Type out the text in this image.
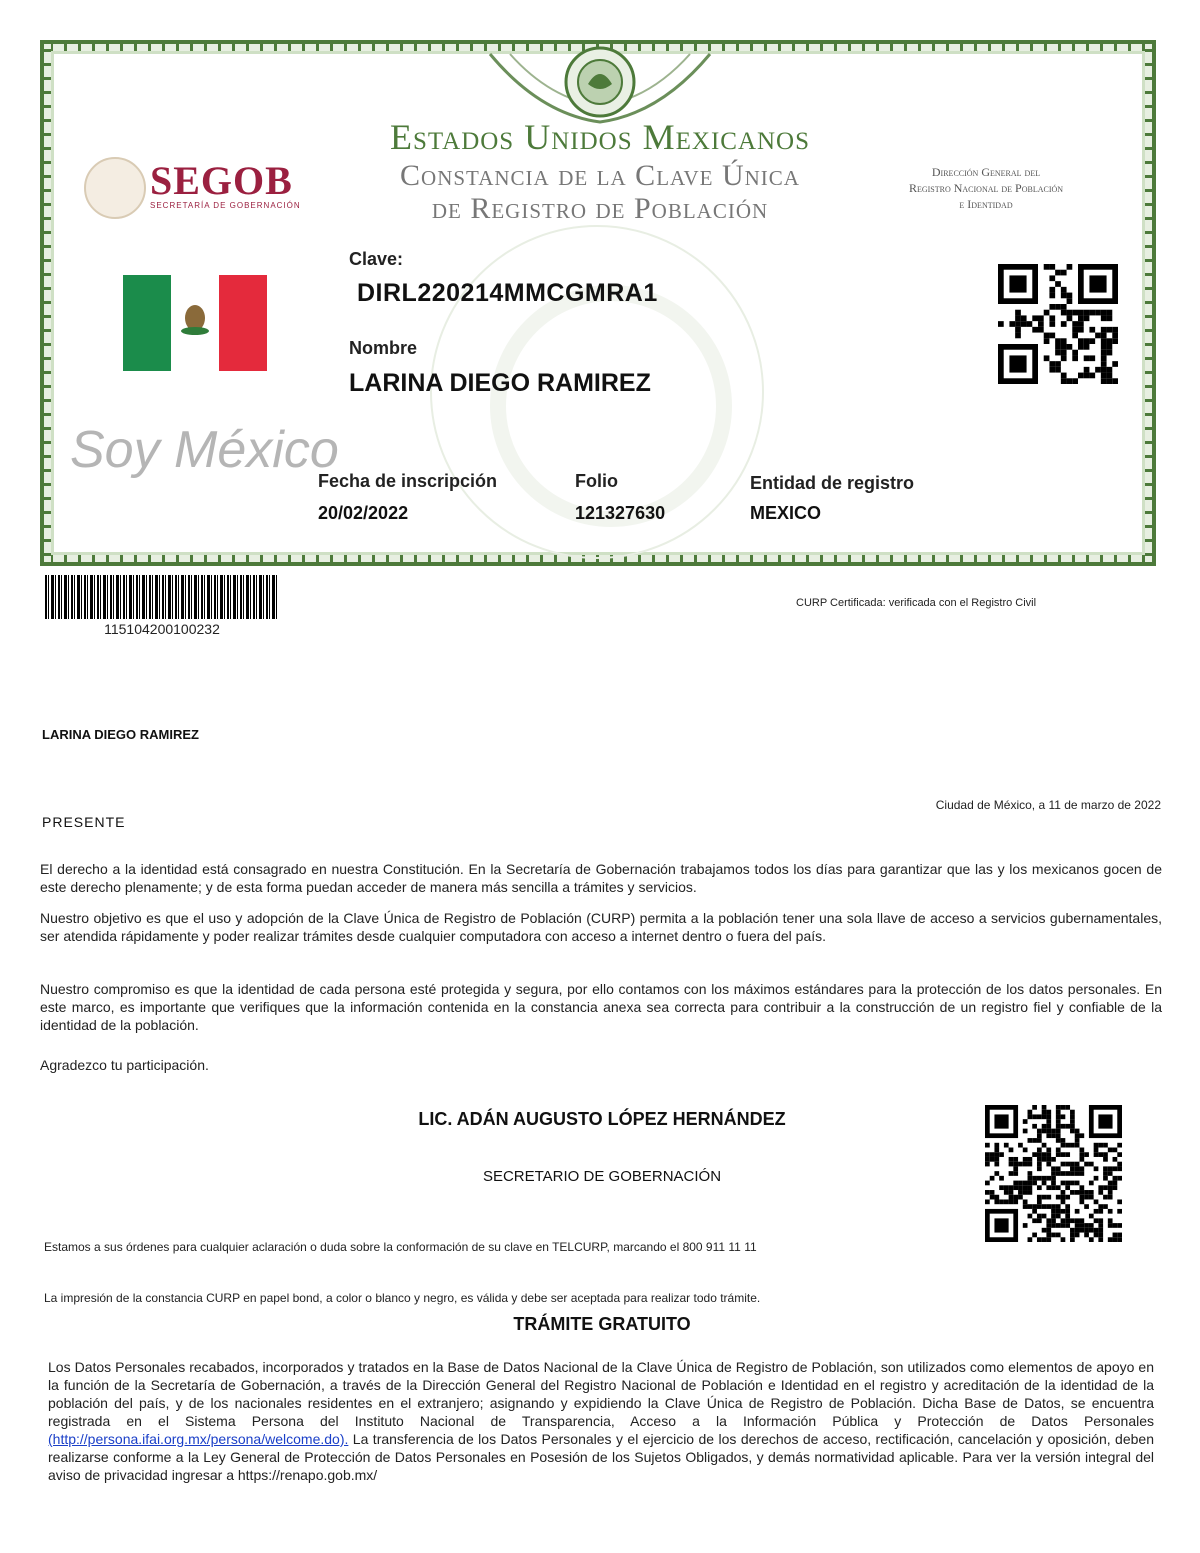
SEGOB
SECRETARÍA DE GOBERNACIÓN
Estados Unidos Mexicanos
Constancia de la Clave Única
de Registro de Población
Dirección General del
Registro Nacional de Población
e Identidad
Soy México
Clave:
DIRL220214MMCGMRA1
Nombre
LARINA DIEGO RAMIREZ
Fecha de inscripción
20/02/2022
Folio
121327630
Entidad de registro
MEXICO
115104200100232
CURP Certificada: verificada con el Registro Civil
LARINA DIEGO RAMIREZ
Ciudad de México, a 11 de marzo de 2022
PRESENTE
El derecho a la identidad está consagrado en nuestra Constitución. En la Secretaría de Gobernación trabajamos todos los días para garantizar que las y los mexicanos gocen de este derecho plenamente; y de esta forma puedan acceder de manera más sencilla a trámites y servicios.
Nuestro objetivo es que el uso y adopción de la Clave Única de Registro de Población (CURP) permita a la población tener una sola llave de acceso a servicios gubernamentales, ser atendida rápidamente y poder realizar trámites desde cualquier computadora con acceso a internet dentro o fuera del país.
Nuestro compromiso es que la identidad de cada persona esté protegida y segura, por ello contamos con los máximos estándares para la protección de los datos personales. En este marco, es importante que verifiques que la información contenida en la constancia anexa sea correcta para contribuir a la construcción de un registro fiel y confiable de la identidad de la población.
Agradezco tu participación.
LIC. ADÁN AUGUSTO LÓPEZ HERNÁNDEZ
SECRETARIO DE GOBERNACIÓN
Estamos a sus órdenes para cualquier aclaración o duda sobre la conformación de su clave en TELCURP, marcando el 800 911 11 11
La impresión de la constancia CURP en papel bond, a color o blanco y negro, es válida y debe ser aceptada para realizar todo trámite.
TRÁMITE GRATUITO
Los Datos Personales recabados, incorporados y tratados en la Base de Datos Nacional de la Clave Única de Registro de Población, son utilizados como elementos de apoyo en la función de la Secretaría de Gobernación, a través de la Dirección General del Registro Nacional de Población e Identidad en el registro y acreditación de la identidad de la población del país, y de los nacionales residentes en el extranjero; asignando y expidiendo la Clave Única de Registro de Población. Dicha Base de Datos, se encuentra registrada en el Sistema Persona del Instituto Nacional de Transparencia, Acceso a la Información Pública y Protección de Datos Personales (http://persona.ifai.org.mx/persona/welcome.do). La transferencia de los Datos Personales y el ejercicio de los derechos de acceso, rectificación, cancelación y oposición, deben realizarse conforme a la Ley General de Protección de Datos Personales en Posesión de los Sujetos Obligados, y demás normatividad aplicable. Para ver la versión integral del aviso de privacidad ingresar a https://renapo.gob.mx/
